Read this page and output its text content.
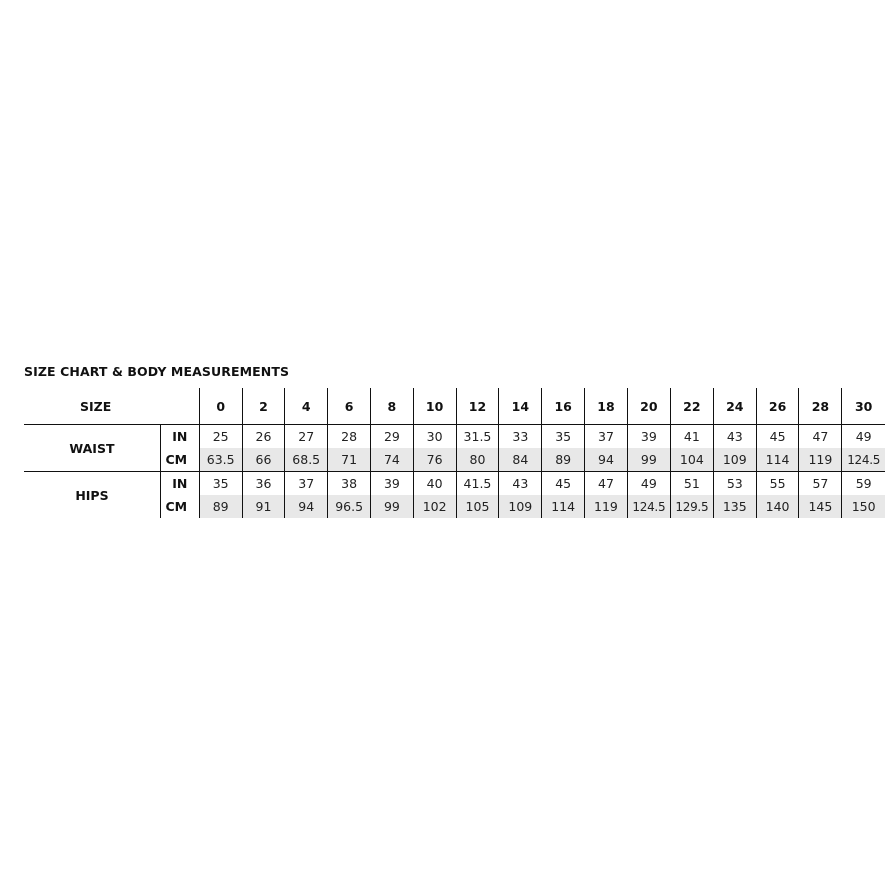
SIZE CHART & BODY MEASUREMENTS
SIZE		0	2	4	6	8	10	12	14	16	18	20	22	24	26	28	30
WAIST	IN	25	26	27	28	29	30	31.5	33	35	37	39	41	43	45	47	49
	CM	63.5	66	68.5	71	74	76	80	84	89	94	99	104	109	114	119	124.5
HIPS	IN	35	36	37	38	39	40	41.5	43	45	47	49	51	53	55	57	59
	CM	89	91	94	96.5	99	102	105	109	114	119	124.5	129.5	135	140	145	150
